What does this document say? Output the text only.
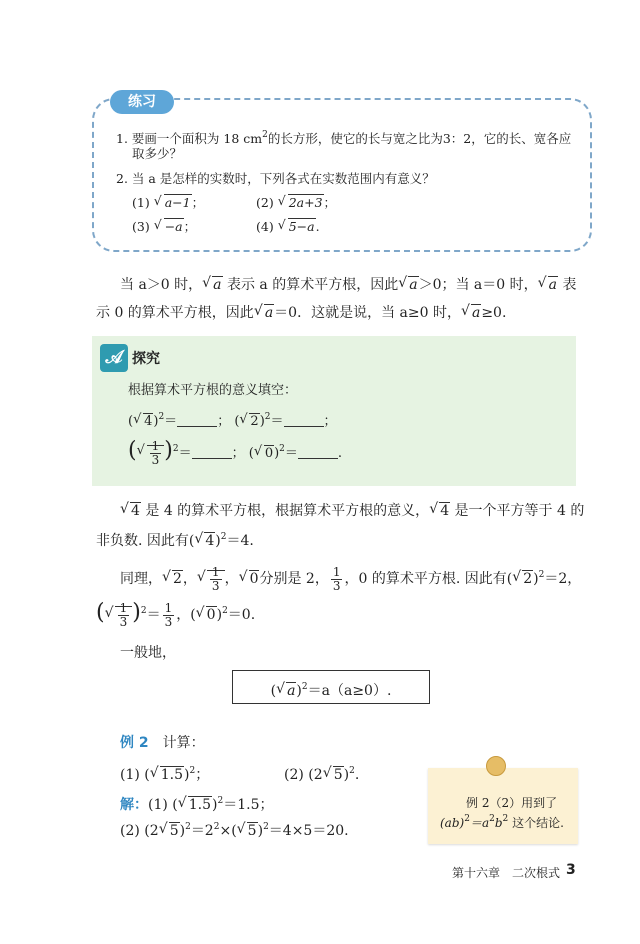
练习
1. 要画一个面积为 18 $cm^2$的长方形，使它的长与宽之比为3：2，它的长、宽各应
取多少？
2. 当 a 是怎样的实数时，下列各式在实数范围内有意义？
(1) √ a−1；	(2) √ 2a+3；
(3) √ −a；	(4) √ 5−a.
当 a＞0 时，√ a 表示 a 的算术平方根，因此√ a＞0；当 a＝0 时，√ a 表
示 0 的算术平方根，因此√ a＝0．这就是说，当 a≥0 时，√ a≥0.
𝒜 探究
根据算术平方根的意义填空：
(√ 4)$^2$＝	； (√ 2)$^2$＝	；
(
√ $\frac{1}{3} )^2=$	； (√ 0)$^2$＝	.
√ 4 是 4 的算术平方根，根据算术平方根的意义，√ 4 是一个平方等于 4 的
非负数. 因此有(√ 4)$^2$＝4.
同理，√ 2，
√ $\frac{1}{3}$ ，√ 0分别是 2， $\frac{1}{3}$ ，0 的算术平方根. 因此有(√ 2)$^2$＝2，
(
√ $\frac{1}{3} )^2= \frac{1}{3}$ ，(√ 0)$^2$＝0.
一般地，
(√ a)$^2$＝a（a≥0）.
例 2　 计算：
(1) (√ 1.5)$^2$；	(2) (2√ 5)$^2$.
解：(1) (√ 1.5)$^2$＝1.5；
(2) (2√ $5)^2=2^2\times(√$ 5)$^2$＝4×5＝20.
例 2（2）用到了
$(ab)^2=a^2b^2$ 这个结论.
第十六章　二次根式 3
